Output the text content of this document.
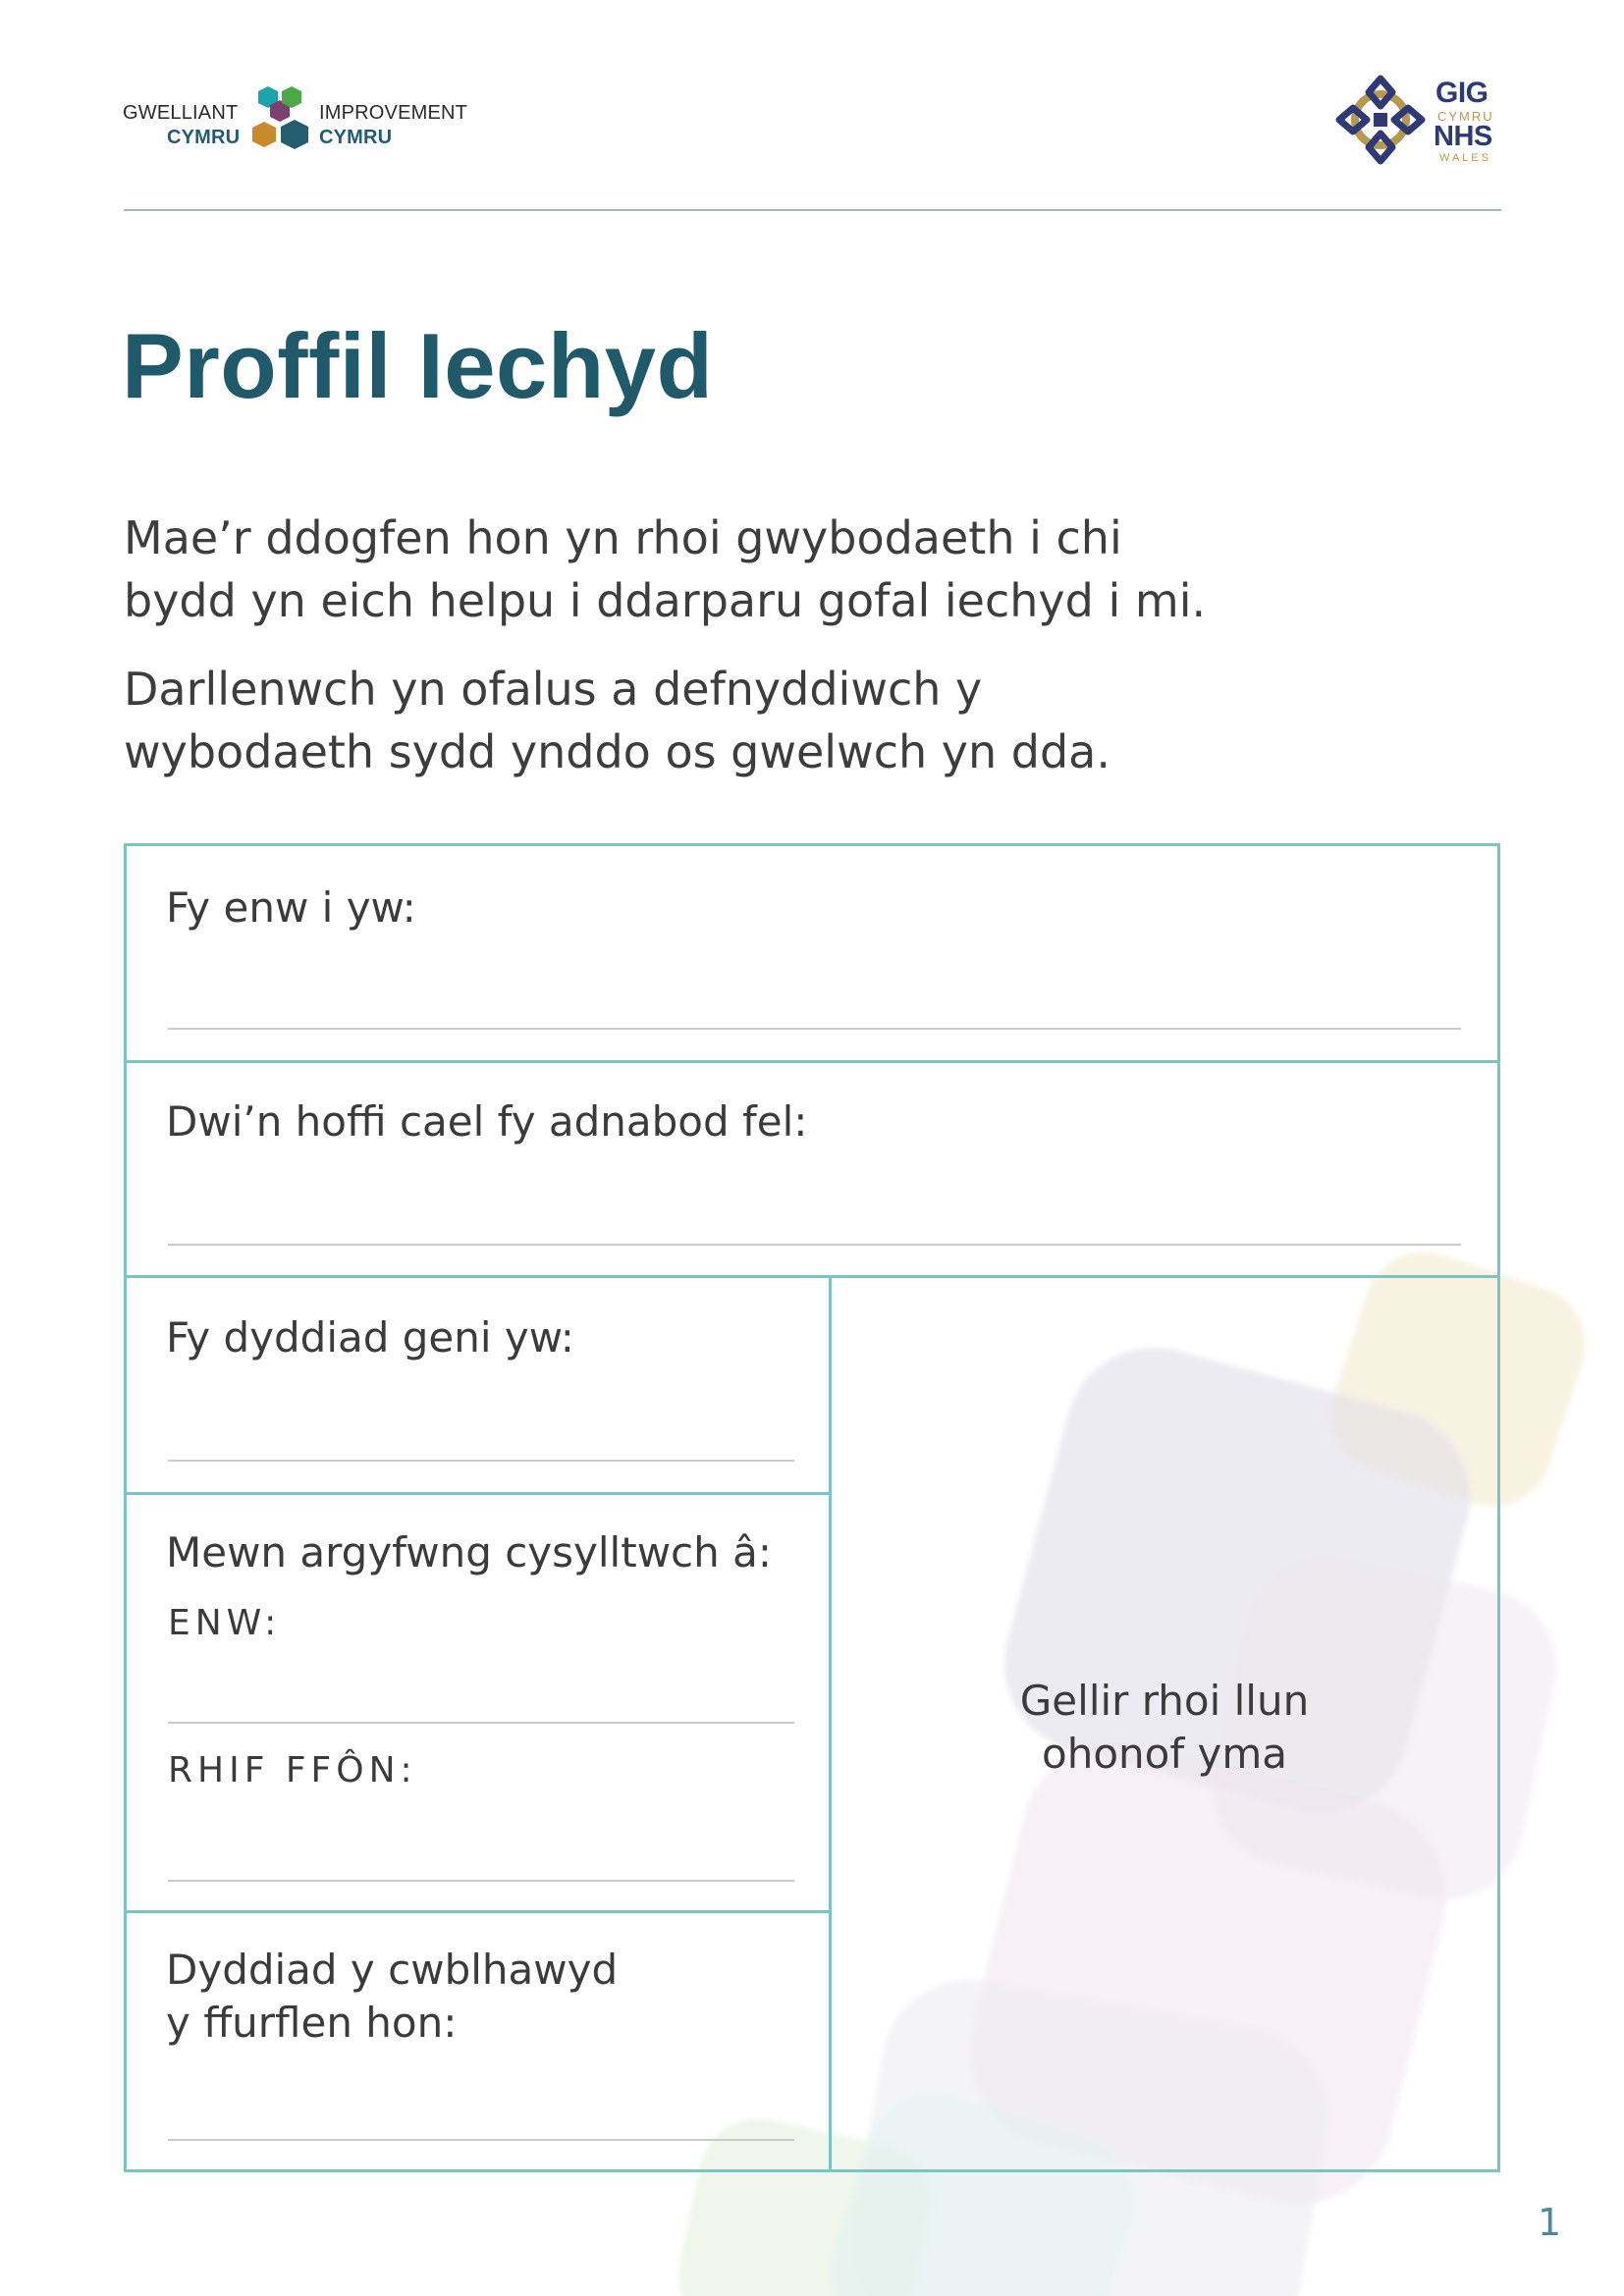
GWELLIANT
CYMRU
IMPROVEMENT
CYMRU
GIG
CYMRU
NHS
WALES
Proffil Iechyd

Mae’r ddogfen hon yn rhoi gwybodaeth i chi
bydd yn eich helpu i ddarparu gofal iechyd i mi.

Darllenwch yn ofalus a defnyddiwch y
wybodaeth sydd ynddo os gwelwch yn dda.

Fy enw i yw:

Dwi’n hoffi cael fy adnabod fel:

Fy dyddiad geni yw:

Mewn argyfwng cysylltwch â:

ENW:
RHIF FFÔN:

Dyddiad y cwblhawyd
y ffurflen hon:

Gellir rhoi llun
ohonof yma
1
